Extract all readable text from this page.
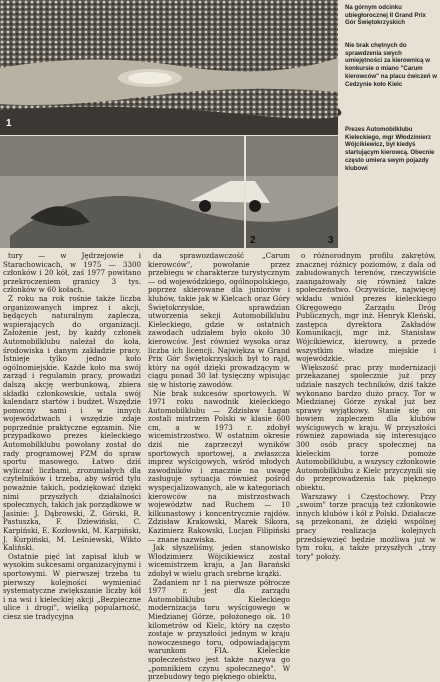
1
2	3
Na górnym odcinku ubiegłorocznej II Grand Prix Gór Świętokrzyskich
Nie brak chętnych do sprawdzenia swych umiejętności za kierownicą w konkursie o miano "Carum kierowców" na placu ćwiczeń w Cedzynie koło Kielc
Prezes Automobilklubu Kieleckiego, mgr Włodzimierz Wójcikiewicz, był kiedyś startującym kierowcą. Obecnie często umiera swym pojazdy klubowi

tury — w Jędrzejowie i Starachowicach, w 1975 — 3300 członków i 20 kół, zaś 1977 powitano przekroczeniem granicy 3 tys. członków w 60 kołach.

Z roku na rok rośnie także liczba organizowanych imprez i akcji, będących naturalnym zaplecza, wspierających do organizacji. Założenie jest, by każdy członek Automobilklubu należał do koła, środowiska i danym zakładzie pracy. Istnieje tylko jedno koło ogólnomiejskie. Każde koło ma swój zarząd i regulamin pracy, prowadzi dalszą akcję werbunkową, zbiera składki członkowskie, ustala swój kalendarz startów i budżet. Wszędzie pomocny sami i w innych województwach i wszędzie zdaje poprzednie praktyczne egzamin. Nie przypadkowo prezes kieleckiego Automobilklubu powołany został do rady programowej PZM do spraw sportu masowego. Łatwo dziś wyliczać liczbami, zrozumiałych dla czytelników i trzeba, aby wśród tylu poważnie takich, podziękować dzięki nimi przyszłych działalności społecznych, takich jak porządkowe w Jasinie: J. Dąbrowski, Z. Górski, R. Pastuszka, F. Dziewiński, C. Karpiński, E. Kozłowski, M. Karpiński, J. Kurpiński, M. Leśniewski, Wikto Kaliński.

Ostatnie pięć lat zapisał klub w wysokim sukcesami organizacyjnymi i sportowymi. W pierwszej trzeba tu pierwszy kolejności wymieniać systematyczne zwiększanie liczby kół i na wsi i kieleckiej akcji „Bezpieczne ulice i drogi", wielką popularność, ciesz sie tradycyjna

da sprawozdawczość „Carum kierowców", powołanie przez przebiegu w charakterze turystycznym — od wojewódzkiego, ogólnopolskiego, poprzez skierowane dla juniorów i klubów, takie jak w Kielcach oraz Góry Świętokrzyskie, sprawdzian utworzenia sekcji Automobilklubu Kieleckiego, gdzie w ostatnich zawodach udziałem było około 30 kierowców. Jest również wysoka oraz liczba ich licencji. Najwiękza w Grand Prix Gór Świętokrzyskich był to rajd, który na ogół dzięki prowadzącym w ciągu ponad 30 lat tysięczny wpisując się w historię zawodów.

Nie brak sukcesów sportowych. W 1971 roku nawodnik kieleckiego Automobilklubu — Zdzisław Łagan zostali mistrzem Polski w klasie 600 cm, a w 1973 r. zdobył wicemistrzostwo. W ostatnim okresie dziś nie zaprzeczył wyników sportowych sportowej, a zwłaszcza imprez wyścigowych, wśród młodych zawodników i znacznie na uwagę zasługuje sytuacja również pośród wyspecjalizowanych, ale w kategoriach kierowców na mistrzostwach województw nad Ruchem — 10 kilkunastowy i koncentrycznie rajdów. Zdzisław Krakowski, Marek Sikora, Kazimierz Rakowski, Lucjan Filipiński — znane nazwiska.

Jak słyszeliśmy, jeden stanowisko Włodzimierz Wójcikiewicz został wicemistrzem kraju, a Jan Barański zdobył w wielu grach srebrne krążki.

Zadaniem nr 1 na pierwsze półrocze 1977 r. jest dla zarządu Automobilklubu Kieleckiego modernizacja toru wyścigowego w Miedzianej Górze, położonego ok. 10 kilometrów od Kielc, który na często zostaje w przyszłości jednym w kraju nowoczesnego toru, odpowiadającym warunkom FIA. Kieleckie społeczeństwo jest także nazywa go „pomnikiem czynu społecznego". W przebudowy tego pięknego obiektu,

o różnorodnym profilu zakrętów, znacznej różnicy poziomów, z dala od zabudowanych terenów, rzeczywiście zaangażowały się również także społeczeństwo. Oczywiście, najwięcej wkładu wniósł prezes kieleckiego Okręgowego Zarządu Dróg Publicznych, mgr inż. Henryk Kleński, zastępca dyrektora Zakładów Komunikacji, mgr inż. Stanisław Wójcikiewicz, kierowcy, a przede wszystkim władze miejskie i wojewódzkie.

Większość prac przy modernizacji przekazanej społecznie już przy udziale naszych techników, dziś także wykonano bardzo dużo pracy. Tor w Miedzianej Górze zyskał już bez sprawy wyjątkowy. Stanie się on bowiem zapleczem dla klubów wyścigowych w kraju. W przyszłości również zapowiada się interesująco 300 osób pracy społecznej na kieleckim torze pomoże Automobilklubu, a wszyscy członkowie Automobilklubu z Kielc przyczynili się do przeprowadzenia tak pięknego obiektu.

Warszawy i Częstochowy. Przy „swoim" torze pracują też członkowie innych klubów i kół z Polski. Działacze są przekonani, że dzięki wspólnej pracy realizacja kolejnych przedsięwzięć będzie możliwa już w tym roku, a także przyszłych „trzy tory" położy.
